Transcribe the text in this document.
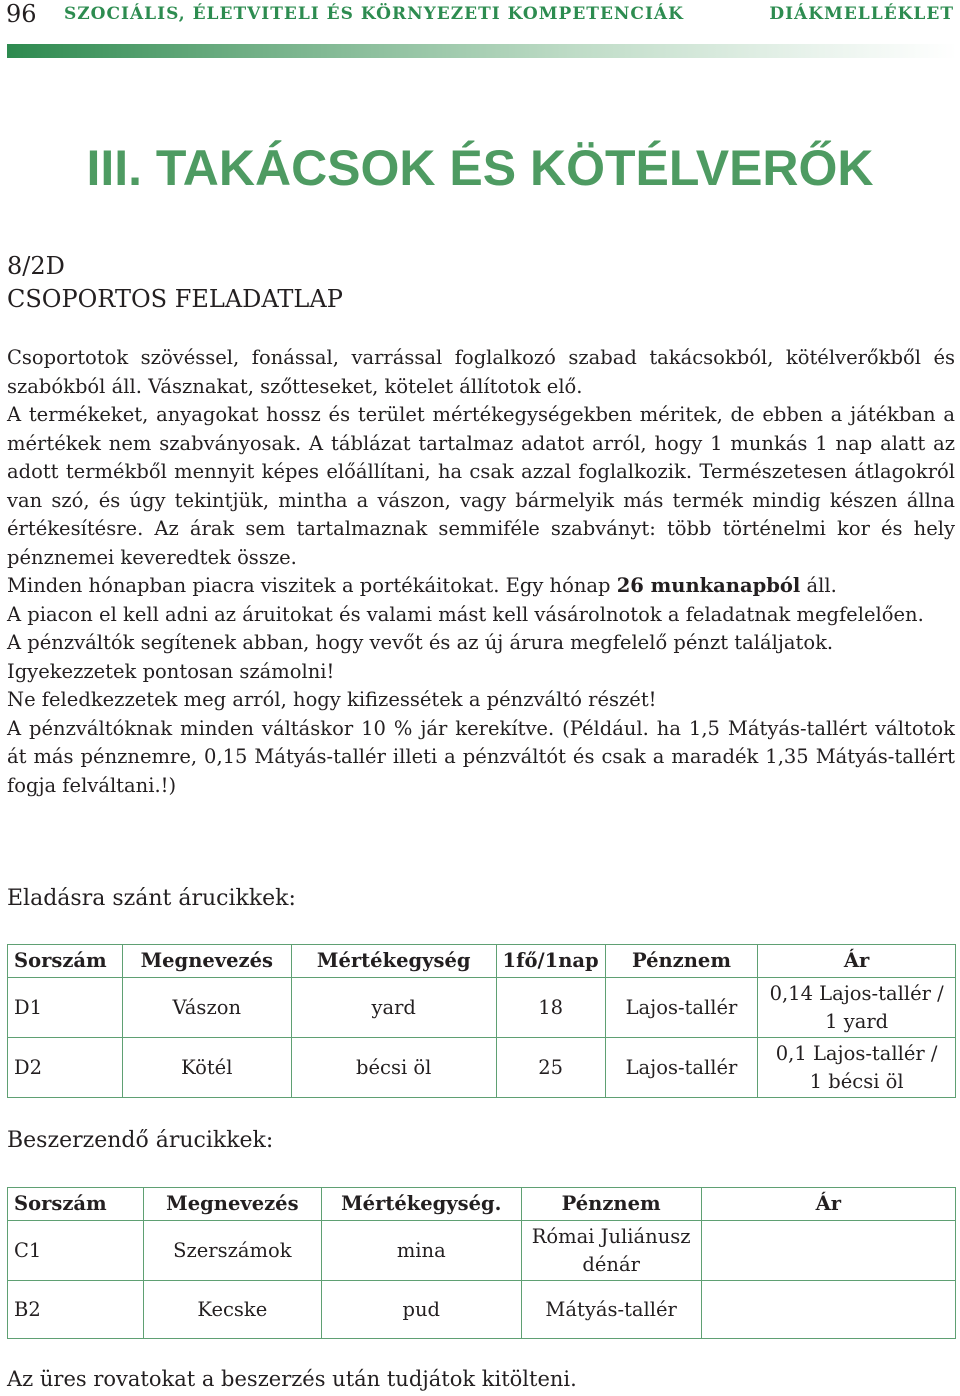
96 SZOCIÁLIS, ÉLETVITELI ÉS KÖRNYEZETI KOMPETENCIÁK	DIÁKMELLÉKLET
III. TAKÁCSOK ÉS KÖTÉLVERŐK
8/2D
CSOPORTOS FELADATLAP

Csoportotok szövéssel, fonással, varrással foglalkozó szabad takácsokból, kötélverőkből és szabókból áll. Vásznakat, szőtteseket, kötelet állítotok elő.

A termékeket, anyagokat hossz és terület mértékegységekben méritek, de ebben a játékban a mértékek nem szabványosak. A táblázat tartalmaz adatot arról, hogy 1 munkás 1 nap alatt az adott termékből mennyit képes előállítani, ha csak azzal foglalkozik. Természetesen átlagokról van szó, és úgy tekintjük, mintha a vászon, vagy bármelyik más termék mindig készen állna értékesítésre. Az árak sem tartalmaznak semmiféle szabványt: több történelmi kor és hely pénznemei keveredtek össze.

Minden hónapban piacra viszitek a portékáitokat. Egy hónap 26 munkanapból áll.

A piacon el kell adni az áruitokat és valami mást kell vásárolnotok a feladatnak megfelelően.

A pénzváltók segítenek abban, hogy vevőt és az új árura megfelelő pénzt találjatok.

Igyekezzetek pontosan számolni!

Ne feledkezzetek meg arról, hogy kifizessétek a pénzváltó részét!

A pénzváltóknak minden váltáskor 10 % jár kerekítve. (Például. ha 1,5 Mátyás-tallért váltotok át más pénznemre, 0,15 Mátyás-tallér illeti a pénzváltót és csak a maradék 1,35 Mátyás-tallért fogja felváltani.!)

Eladásra szánt árucikkek:
Sorszám	Megnevezés	Mértékegység	1fő/1nap	Pénznem	Ár
D1	Vászon	yard	18	Lajos-tallér	0,14 Lajos-tallér /
1 yard

D2	Kötél	bécsi öl	25	Lajos-tallér	0,1 Lajos-tallér /
1 bécsi öl
Beszerzendő árucikkek:
Sorszám	Megnevezés	Mértékegység.	Pénznem	Ár
C1	Szerszámok	mina	Római Juliánusz
dénár	

B2	Kecske	pud	Mátyás-tallér	
Az üres rovatokat a beszerzés után tudjátok kitölteni.
